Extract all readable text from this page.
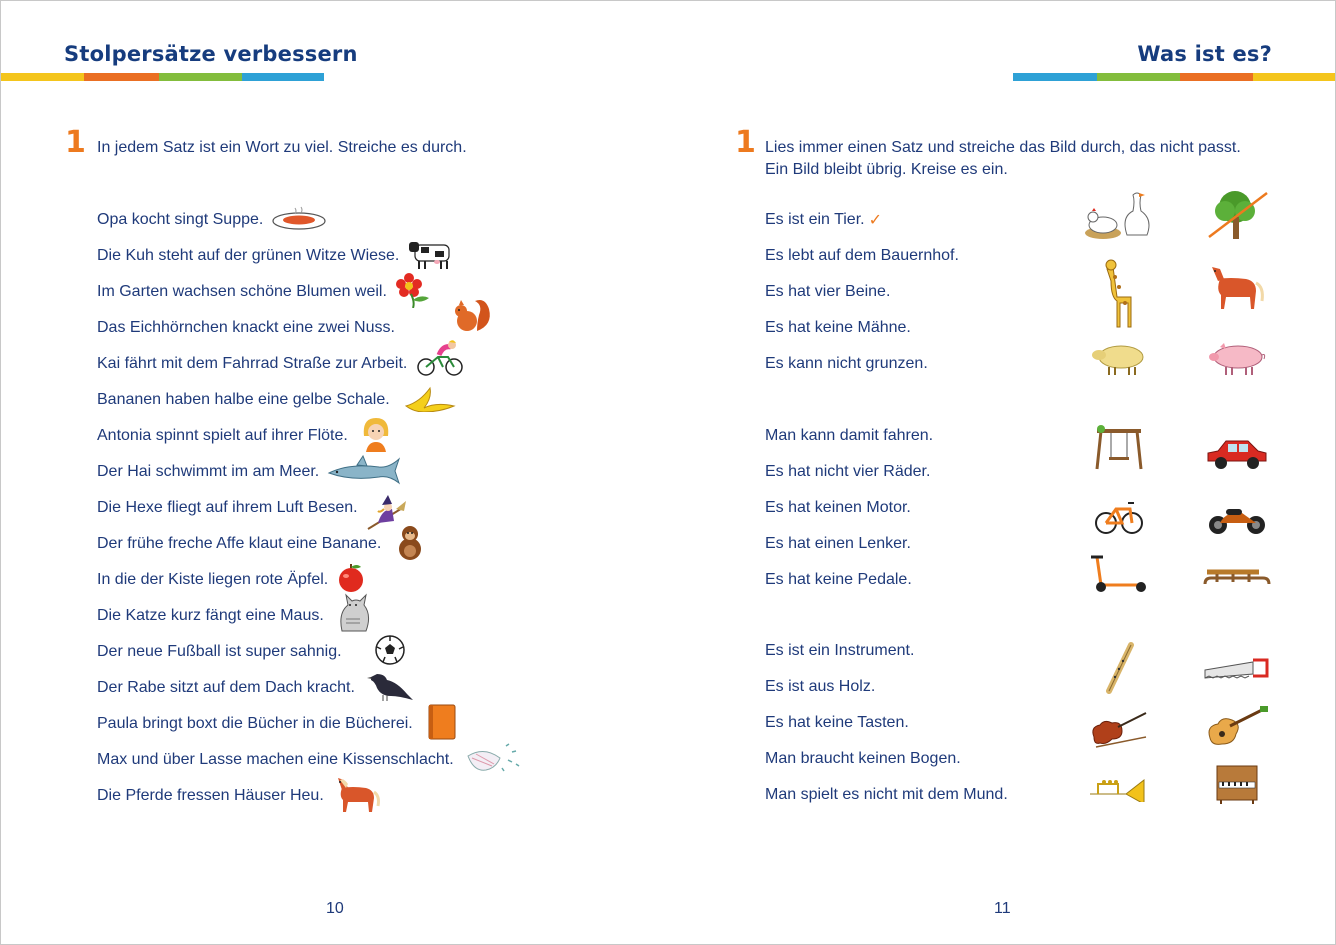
Stolpersätze verbessern
1 In jedem Satz ist ein Wort zu viel. Streiche es durch.
Opa kocht singt Suppe.
Die Kuh steht auf der grünen Witze Wiese.
Im Garten wachsen schöne Blumen weil.
Das Eichhörnchen knackt eine zwei Nuss.
Kai fährt mit dem Fahrrad Straße zur Arbeit.
Bananen haben halbe eine gelbe Schale.
Antonia spinnt spielt auf ihrer Flöte.
Der Hai schwimmt im am Meer.
Die Hexe fliegt auf ihrem Luft Besen.
Der frühe freche Affe klaut eine Banane.
In die der Kiste liegen rote Äpfel.
Die Katze kurz fängt eine Maus.
Der neue Fußball ist super sahnig.
Der Rabe sitzt auf dem Dach kracht.
Paula bringt boxt die Bücher in die Bücherei.
Max und über Lasse machen eine Kissenschlacht.
Die Pferde fressen Häuser Heu.
10
Was ist es?
1 Lies immer einen Satz und streiche das Bild durch, das nicht passt.
Ein Bild bleibt übrig. Kreise es ein.
Es ist ein Tier. ✓
Es lebt auf dem Bauernhof.
Es hat vier Beine.
Es hat keine Mähne.
Es kann nicht grunzen.
Man kann damit fahren.
Es hat nicht vier Räder.
Es hat keinen Motor.
Es hat einen Lenker.
Es hat keine Pedale.
Es ist ein Instrument.
Es ist aus Holz.
Es hat keine Tasten.
Man braucht keinen Bogen.
Man spielt es nicht mit dem Mund.
11
